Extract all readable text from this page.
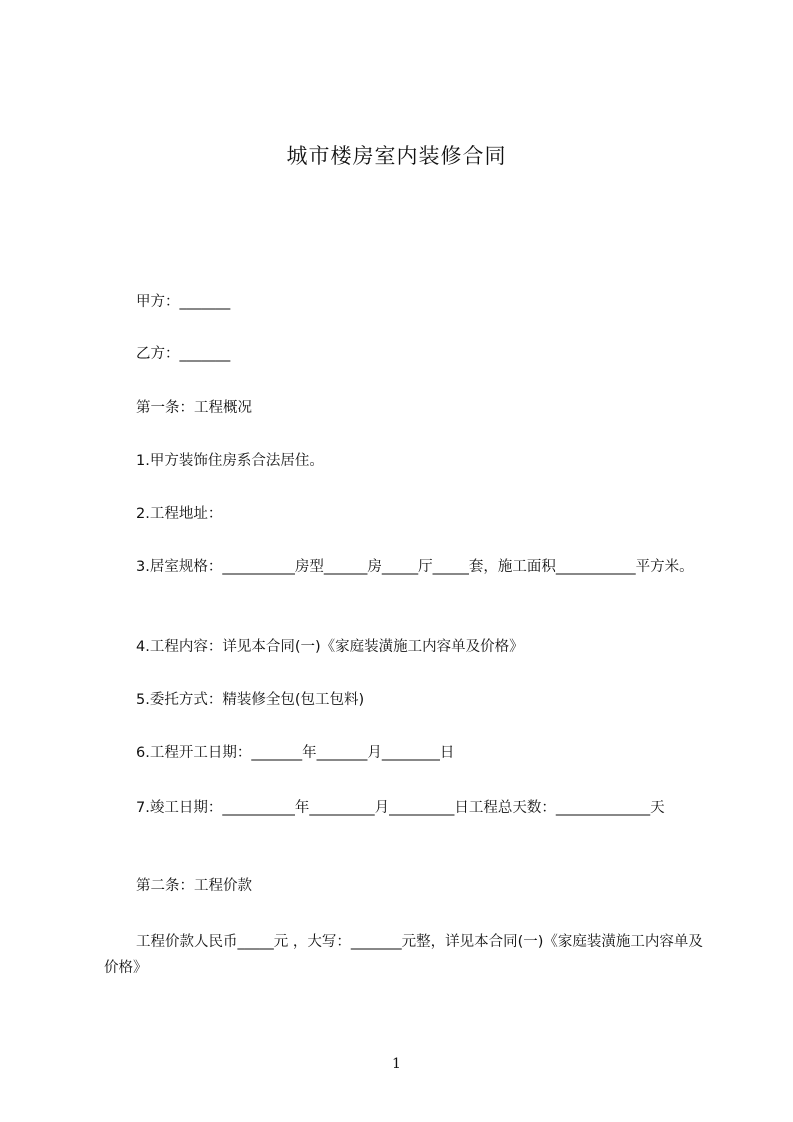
城市楼房室内装修合同
甲方：_______
乙方：_______
第一条：工程概况
1.甲方装饰住房系合法居住。
2.工程地址：
3.居室规格：__________房型______房_____厅_____套，施工面积___________平方米。
4.工程内容：详见本合同(一)《家庭装潢施工内容单及价格》
5.委托方式：精装修全包(包工包料)
6.工程开工日期：_______年_______月________日
7.竣工日期：__________年_________月_________日工程总天数：_____________天
第二条：工程价款
工程价款人民币_____元 ，大写：_______元整，详见本合同(一)《家庭装潢施工内容单及价格》
1
